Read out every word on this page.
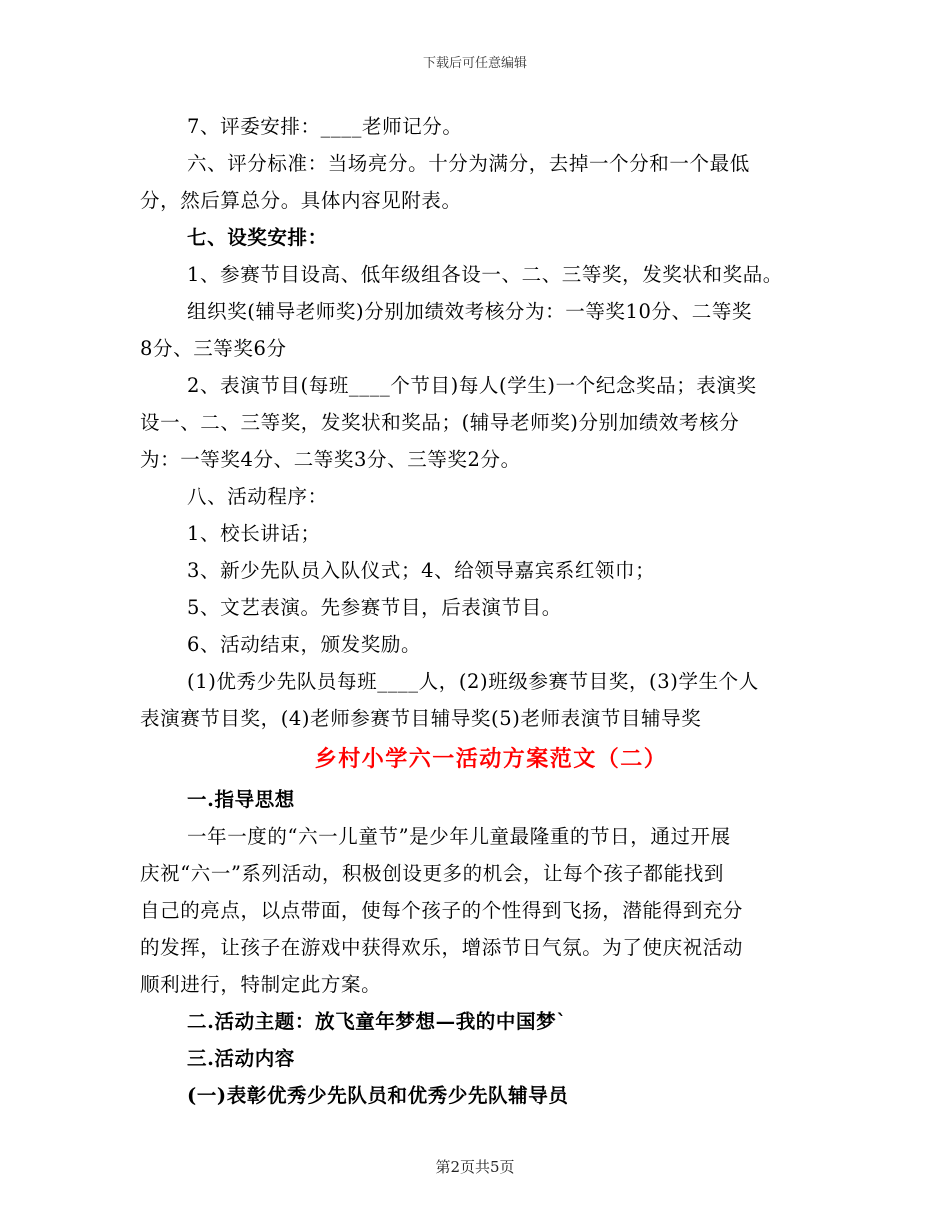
下载后可任意编辑

7、评委安排：____老师记分。

六、评分标准：当场亮分。十分为满分，去掉一个分和一个最低

分，然后算总分。具体内容见附表。

七、设奖安排：

1、参赛节目设高、低年级组各设一、二、三等奖，发奖状和奖品。

组织奖(辅导老师奖)分别加绩效考核分为：一等奖10分、二等奖

8分、三等奖6分

2、表演节目(每班____个节目)每人(学生)一个纪念奖品；表演奖

设一、二、三等奖，发奖状和奖品；(辅导老师奖)分别加绩效考核分

为：一等奖4分、二等奖3分、三等奖2分。

八、活动程序：

1、校长讲话；

3、新少先队员入队仪式；4、给领导嘉宾系红领巾；

5、文艺表演。先参赛节目，后表演节目。

6、活动结束，颁发奖励。

(1)优秀少先队员每班____人，(2)班级参赛节目奖，(3)学生个人

表演赛节目奖，(4)老师参赛节目辅导奖(5)老师表演节目辅导奖

乡村小学六一活动方案范文（二）

一.指导思想

一年一度的“六一儿童节”是少年儿童最隆重的节日，通过开展

庆祝“六一”系列活动，积极创设更多的机会，让每个孩子都能找到

自己的亮点，以点带面，使每个孩子的个性得到飞扬，潜能得到充分

的发挥，让孩子在游戏中获得欢乐，增添节日气氛。为了使庆祝活动

顺利进行，特制定此方案。

二.活动主题：放飞童年梦想—我的中国梦`

三.活动内容

(一)表彰优秀少先队员和优秀少先队辅导员

第2页共5页
